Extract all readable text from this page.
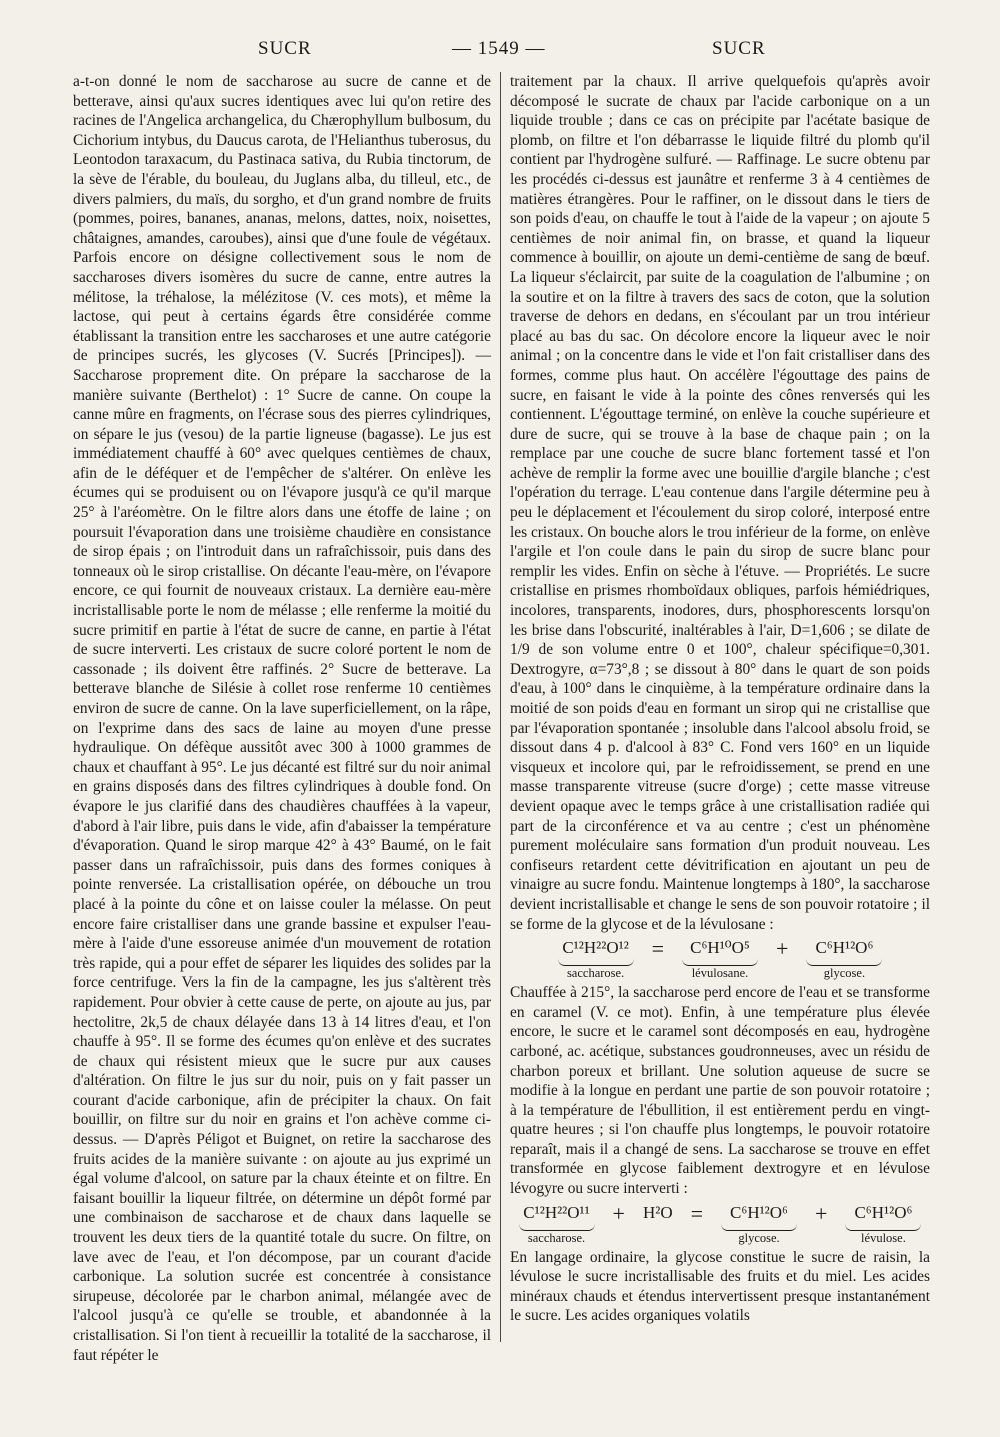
SUCR	— 1549 —	SUCR

a-t-on donné le nom de saccharose au sucre de canne et de betterave, ainsi qu'aux sucres identiques avec lui qu'on retire des racines de l'Angelica archangelica, du Chærophyllum bulbosum, du Cichorium intybus, du Daucus carota, de l'Helianthus tuberosus, du Leontodon taraxacum, du Pastinaca sativa, du Rubia tinctorum, de la sève de l'érable, du bouleau, du Juglans alba, du tilleul, etc., de divers palmiers, du maïs, du sorgho, et d'un grand nombre de fruits (pommes, poires, bananes, ananas, melons, dattes, noix, noisettes, châtaignes, amandes, caroubes), ainsi que d'une foule de végétaux. Parfois encore on désigne collectivement sous le nom de saccharoses divers isomères du sucre de canne, entre autres la mélitose, la tréhalose, la mélézitose (V. ces mots), et même la lactose, qui peut à certains égards être considérée comme établissant la transition entre les saccharoses et une autre catégorie de principes sucrés, les glycoses (V. Sucrés [Principes]). — Saccharose proprement dite. On prépare la saccharose de la manière suivante (Berthelot) : 1° Sucre de canne. On coupe la canne mûre en fragments, on l'écrase sous des pierres cylindriques, on sépare le jus (vesou) de la partie ligneuse (bagasse). Le jus est immédiatement chauffé à 60° avec quelques centièmes de chaux, afin de le déféquer et de l'empêcher de s'altérer. On enlève les écumes qui se produisent ou on l'évapore jusqu'à ce qu'il marque 25° à l'aréomètre. On le filtre alors dans une étoffe de laine ; on poursuit l'évaporation dans une troisième chaudière en consistance de sirop épais ; on l'introduit dans un rafraîchissoir, puis dans des tonneaux où le sirop cristallise. On décante l'eau-mère, on l'évapore encore, ce qui fournit de nouveaux cristaux. La dernière eau-mère incristallisable porte le nom de mélasse ; elle renferme la moitié du sucre primitif en partie à l'état de sucre de canne, en partie à l'état de sucre interverti. Les cristaux de sucre coloré portent le nom de cassonade ; ils doivent être raffinés. 2° Sucre de betterave. La betterave blanche de Silésie à collet rose renferme 10 centièmes environ de sucre de canne. On la lave superficiellement, on la râpe, on l'exprime dans des sacs de laine au moyen d'une presse hydraulique. On défèque aussitôt avec 300 à 1000 grammes de chaux et chauffant à 95°. Le jus décanté est filtré sur du noir animal en grains disposés dans des filtres cylindriques à double fond. On évapore le jus clarifié dans des chaudières chauffées à la vapeur, d'abord à l'air libre, puis dans le vide, afin d'abaisser la température d'évaporation. Quand le sirop marque 42° à 43° Baumé, on le fait passer dans un rafraîchissoir, puis dans des formes coniques à pointe renversée. La cristallisation opérée, on débouche un trou placé à la pointe du cône et on laisse couler la mélasse. On peut encore faire cristalliser dans une grande bassine et expulser l'eau-mère à l'aide d'une essoreuse animée d'un mouvement de rotation très rapide, qui a pour effet de séparer les liquides des solides par la force centrifuge. Vers la fin de la campagne, les jus s'altèrent très rapidement. Pour obvier à cette cause de perte, on ajoute au jus, par hectolitre, 2k,5 de chaux délayée dans 13 à 14 litres d'eau, et l'on chauffe à 95°. Il se forme des écumes qu'on enlève et des sucrates de chaux qui résistent mieux que le sucre pur aux causes d'altération. On filtre le jus sur du noir, puis on y fait passer un courant d'acide carbonique, afin de précipiter la chaux. On fait bouillir, on filtre sur du noir en grains et l'on achève comme ci-dessus. — D'après Péligot et Buignet, on retire la saccharose des fruits acides de la manière suivante : on ajoute au jus exprimé un égal volume d'alcool, on sature par la chaux éteinte et on filtre. En faisant bouillir la liqueur filtrée, on détermine un dépôt formé par une combinaison de saccharose et de chaux dans laquelle se trouvent les deux tiers de la quantité totale du sucre. On filtre, on lave avec de l'eau, et l'on décompose, par un courant d'acide carbonique. La solution sucrée est concentrée à consistance sirupeuse, décolorée par le charbon animal, mélangée avec de l'alcool jusqu'à ce qu'elle se trouble, et abandonnée à la cristallisation. Si l'on tient à recueillir la totalité de la saccharose, il faut répéter le

traitement par la chaux. Il arrive quelquefois qu'après avoir décomposé le sucrate de chaux par l'acide carbonique on a un liquide trouble ; dans ce cas on précipite par l'acétate basique de plomb, on filtre et l'on débarrasse le liquide filtré du plomb qu'il contient par l'hydrogène sulfuré. — Raffinage. Le sucre obtenu par les procédés ci-dessus est jaunâtre et renferme 3 à 4 centièmes de matières étrangères. Pour le raffiner, on le dissout dans le tiers de son poids d'eau, on chauffe le tout à l'aide de la vapeur ; on ajoute 5 centièmes de noir animal fin, on brasse, et quand la liqueur commence à bouillir, on ajoute un demi-centième de sang de bœuf. La liqueur s'éclaircit, par suite de la coagulation de l'albumine ; on la soutire et on la filtre à travers des sacs de coton, que la solution traverse de dehors en dedans, en s'écoulant par un trou intérieur placé au bas du sac. On décolore encore la liqueur avec le noir animal ; on la concentre dans le vide et l'on fait cristalliser dans des formes, comme plus haut. On accélère l'égouttage des pains de sucre, en faisant le vide à la pointe des cônes renversés qui les contiennent. L'égouttage terminé, on enlève la couche supérieure et dure de sucre, qui se trouve à la base de chaque pain ; on la remplace par une couche de sucre blanc fortement tassé et l'on achève de remplir la forme avec une bouillie d'argile blanche ; c'est l'opération du terrage. L'eau contenue dans l'argile détermine peu à peu le déplacement et l'écoulement du sirop coloré, interposé entre les cristaux. On bouche alors le trou inférieur de la forme, on enlève l'argile et l'on coule dans le pain du sirop de sucre blanc pour remplir les vides. Enfin on sèche à l'étuve. — Propriétés. Le sucre cristallise en prismes rhomboïdaux obliques, parfois hémiédriques, incolores, transparents, inodores, durs, phosphorescents lorsqu'on les brise dans l'obscurité, inaltérables à l'air, D=1,606 ; se dilate de 1/9 de son volume entre 0 et 100°, chaleur spécifique=0,301. Dextrogyre, α=73°,8 ; se dissout à 80° dans le quart de son poids d'eau, à 100° dans le cinquième, à la température ordinaire dans la moitié de son poids d'eau en formant un sirop qui ne cristallise que par l'évaporation spontanée ; insoluble dans l'alcool absolu froid, se dissout dans 4 p. d'alcool à 83° C. Fond vers 160° en un liquide visqueux et incolore qui, par le refroidissement, se prend en une masse transparente vitreuse (sucre d'orge) ; cette masse vitreuse devient opaque avec le temps grâce à une cristallisation radiée qui part de la circonférence et va au centre ; c'est un phénomène purement moléculaire sans formation d'un produit nouveau. Les confiseurs retardent cette dévitrification en ajoutant un peu de vinaigre au sucre fondu. Maintenue longtemps à 180°, la saccharose devient incristallisable et change le sens de son pouvoir rotatoire ; il se forme de la glycose et de la lévulosane :

C¹²H²²O¹²
saccharose.
= C⁶H¹⁰O⁵
lévulosane.
+ C⁶H¹²O⁶
glycose.

Chauffée à 215°, la saccharose perd encore de l'eau et se transforme en caramel (V. ce mot). Enfin, à une température plus élevée encore, le sucre et le caramel sont décomposés en eau, hydrogène carboné, ac. acétique, substances goudronneuses, avec un résidu de charbon poreux et brillant. Une solution aqueuse de sucre se modifie à la longue en perdant une partie de son pouvoir rotatoire ; à la température de l'ébullition, il est entièrement perdu en vingt-quatre heures ; si l'on chauffe plus longtemps, le pouvoir rotatoire reparaît, mais il a changé de sens. La saccharose se trouve en effet transformée en glycose faiblement dextrogyre et en lévulose lévogyre ou sucre interverti :

C¹²H²²O¹¹
saccharose.
+ H²O = C⁶H¹²O⁶
glycose.
+ C⁶H¹²O⁶
lévulose.

En langage ordinaire, la glycose constitue le sucre de raisin, la lévulose le sucre incristallisable des fruits et du miel. Les acides minéraux chauds et étendus intervertissent presque instantanément le sucre. Les acides organiques volatils
